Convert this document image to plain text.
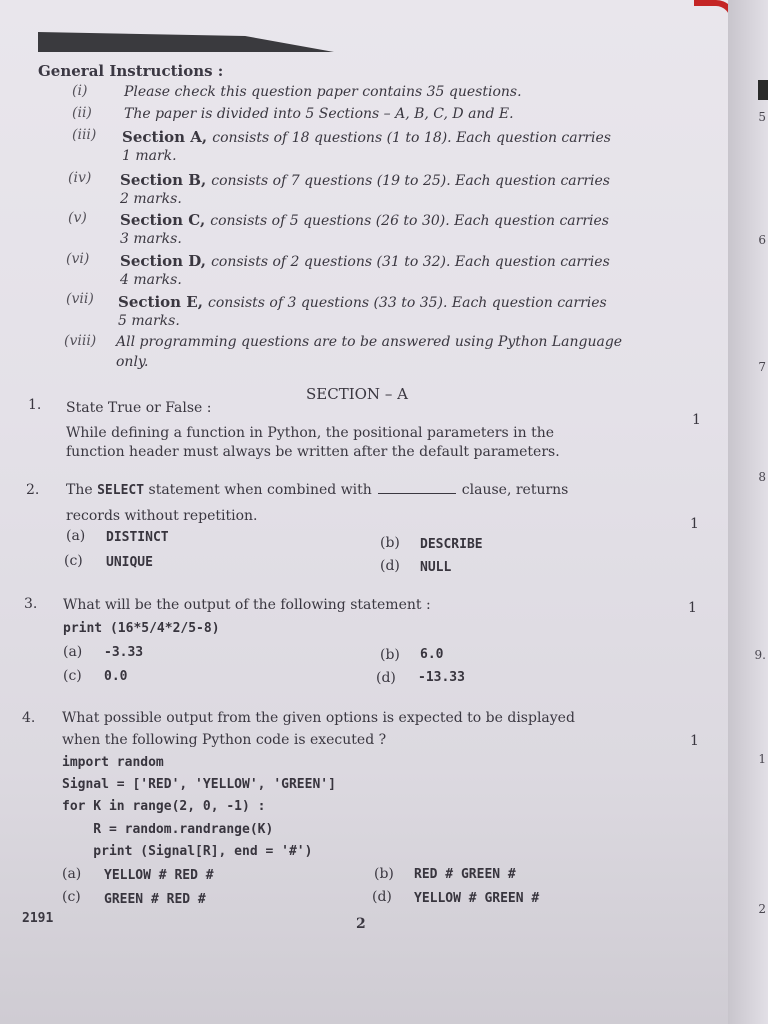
General Instructions :
(i)	Please check this question paper contains 35 questions.
(ii) The paper is divided into 5 Sections – A, B, C, D and E.
(iii) Section A, consists of 18 questions (1 to 18). Each question carries
1 mark.
(iv) Section B, consists of 7 questions (19 to 25). Each question carries
2 marks.
(v) Section C, consists of 5 questions (26 to 30). Each question carries
3 marks.
(vi) Section D, consists of 2 questions (31 to 32). Each question carries
4 marks.
(vii) Section E, consists of 3 questions (33 to 35). Each question carries
5 marks.
(viii) All programming questions are to be answered using Python Language
only.
SECTION – A
1. State True or False :
1
While defining a function in Python, the positional parameters in the
function header must always be written after the default parameters.
2. The SELECT statement when combined with	clause, returns
records without repetition.	1
(a) DISTINCT	(b) DESCRIBE
(c) UNIQUE	(d) NULL
3. What will be the output of the following statement :	1
print (16*5/4*2/5-8)
(a) -3.33	(b) 6.0
(c) 0.0	(d) -13.33
4. What possible output from the given options is expected to be displayed
when the following Python code is executed ?	1
import random
Signal = ['RED', 'YELLOW', 'GREEN']
for K in range(2, 0, -1) :
R = random.randrange(K)
print (Signal[R], end = '#')
(a) YELLOW # RED #	(b) RED # GREEN #
(c) GREEN # RED #	(d) YELLOW # GREEN #
2191	2
5
6
7
8
9.
1
2
